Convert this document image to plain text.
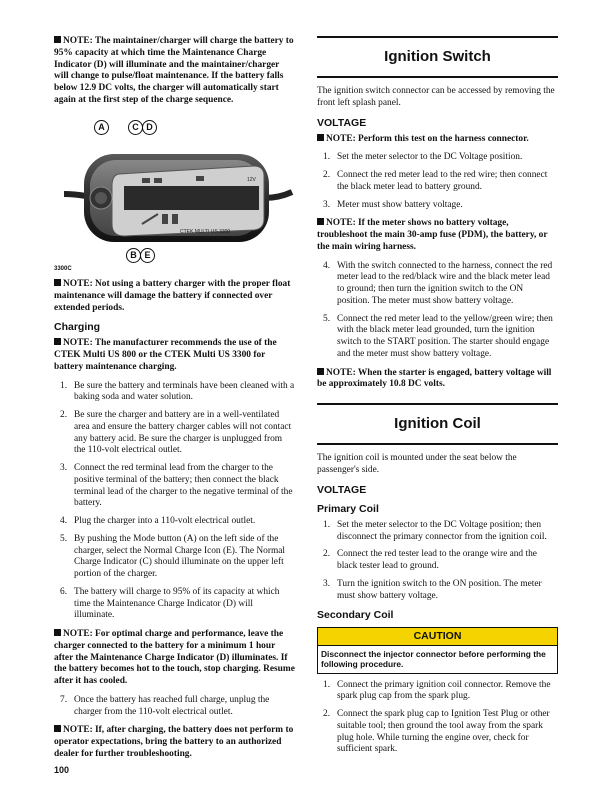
NOTE: The maintainer/charger will charge the battery to 95% capacity at which time the Maintenance Charge Indicator (D) will illuminate and the maintainer/charger will change to pulse/float maintenance. If the battery falls below 12.9 DC volts, the charger will automatically start again at the first step of the charge sequence.

A	C D
B E
CTEK MULTI US 3300
12V
3300C

NOTE: Not using a battery charger with the proper float maintenance will damage the battery if connected over extended periods.

Charging

NOTE: The manufacturer recommends the use of the CTEK Multi US 800 or the CTEK Multi US 3300 for battery maintenance charging.

1. Be sure the battery and terminals have been cleaned with a baking soda and water solution.
2. Be sure the charger and battery are in a well-ventilated area and ensure the battery charger cables will not contact any battery acid. Be sure the charger is unplugged from the 110-volt electrical outlet.
3. Connect the red terminal lead from the charger to the positive terminal of the battery; then connect the black terminal lead of the charger to the negative terminal of the battery.
4. Plug the charger into a 110-volt electrical outlet.
5. By pushing the Mode button (A) on the left side of the charger, select the Normal Charge Icon (E). The Normal Charge Indicator (C) should illuminate on the upper left portion of the charger.
6. The battery will charge to 95% of its capacity at which time the Maintenance Charge Indicator (D) will illuminate.

NOTE: For optimal charge and performance, leave the charger connected to the battery for a minimum 1 hour after the Maintenance Charge Indicator (D) illuminates. If the battery becomes hot to the touch, stop charging. Resume after it has cooled.

7. Once the battery has reached full charge, unplug the charger from the 110-volt electrical outlet.

NOTE: If, after charging, the battery does not perform to operator expectations, bring the battery to an authorized dealer for further troubleshooting.

Ignition Switch

The ignition switch connector can be accessed by removing the front left splash panel.

VOLTAGE

NOTE: Perform this test on the harness connector.

1. Set the meter selector to the DC Voltage position.
2. Connect the red meter lead to the red wire; then connect the black meter lead to battery ground.
3. Meter must show battery voltage.

NOTE: If the meter shows no battery voltage, troubleshoot the main 30-amp fuse (PDM), the battery, or the main wiring harness.

4. With the switch connected to the harness, connect the red meter lead to the red/black wire and the black meter lead to ground; then turn the ignition switch to the ON position. The meter must show battery voltage.
5. Connect the red meter lead to the yellow/green wire; then with the black meter lead grounded, turn the ignition switch to the START position. The starter should engage and the meter must show battery voltage.

NOTE: When the starter is engaged, battery voltage will be approximately 10.8 DC volts.

Ignition Coil

The ignition coil is mounted under the seat below the passenger's side.

VOLTAGE
Primary Coil
1. Set the meter selector to the DC Voltage position; then disconnect the primary connector from the ignition coil.
2. Connect the red tester lead to the orange wire and the black tester lead to ground.
3. Turn the ignition switch to the ON position. The meter must show battery voltage.
Secondary Coil
CAUTION
Disconnect the injector connector before performing the following procedure.
1. Connect the primary ignition coil connector. Remove the spark plug cap from the spark plug.
2. Connect the spark plug cap to Ignition Test Plug or other suitable tool; then ground the tool away from the spark plug hole. While turning the engine over, check for sufficient spark.
100
